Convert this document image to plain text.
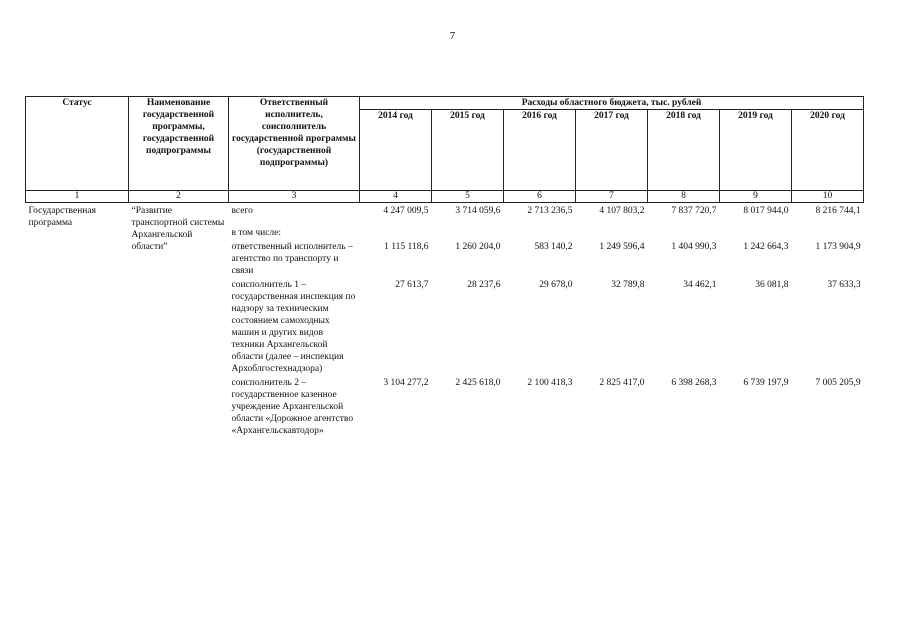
7
Статус	Наименование государственной программы, государственной подпрограммы	Ответственный исполнитель, соисполнитель государственной программы (государственной подпрограммы)	Расходы областного бюджета, тыс. рублей						
			2014 год	2015 год	2016 год	2017 год	2018 год	2019 год	2020 год
1	2	3	4	5	6	7	8	9	10
Государственная программа	“Развитие транспортной системы Архангельской области”	всего	4 247 009,5	3 714 059,6	2 713 236,5	4 107 803,2	7 837 720,7	8 017 944,0	8 216 744,1
		в том числе:							
		ответственный исполнитель – агентство по транспорту и связи	1 115 118,6	1 260 204,0	583 140,2	1 249 596,4	1 404 990,3	1 242 664,3	1 173 904,9
		соисполнитель 1 – государственная инспекция по надзору за техническим состоянием самоходных машин и других видов техники Архангельской области (далее – инспекция Архоблгостехнадзора)	27 613,7	28 237,6	29 678,0	32 789,8	34 462,1	36 081,8	37 633,3
		соисполнитель 2 – государственное казенное учреждение Архангельской области «Дорожное агентство «Архангельскавтодор»	3 104 277,2	2 425 618,0	2 100 418,3	2 825 417,0	6 398 268,3	6 739 197,9	7 005 205,9
